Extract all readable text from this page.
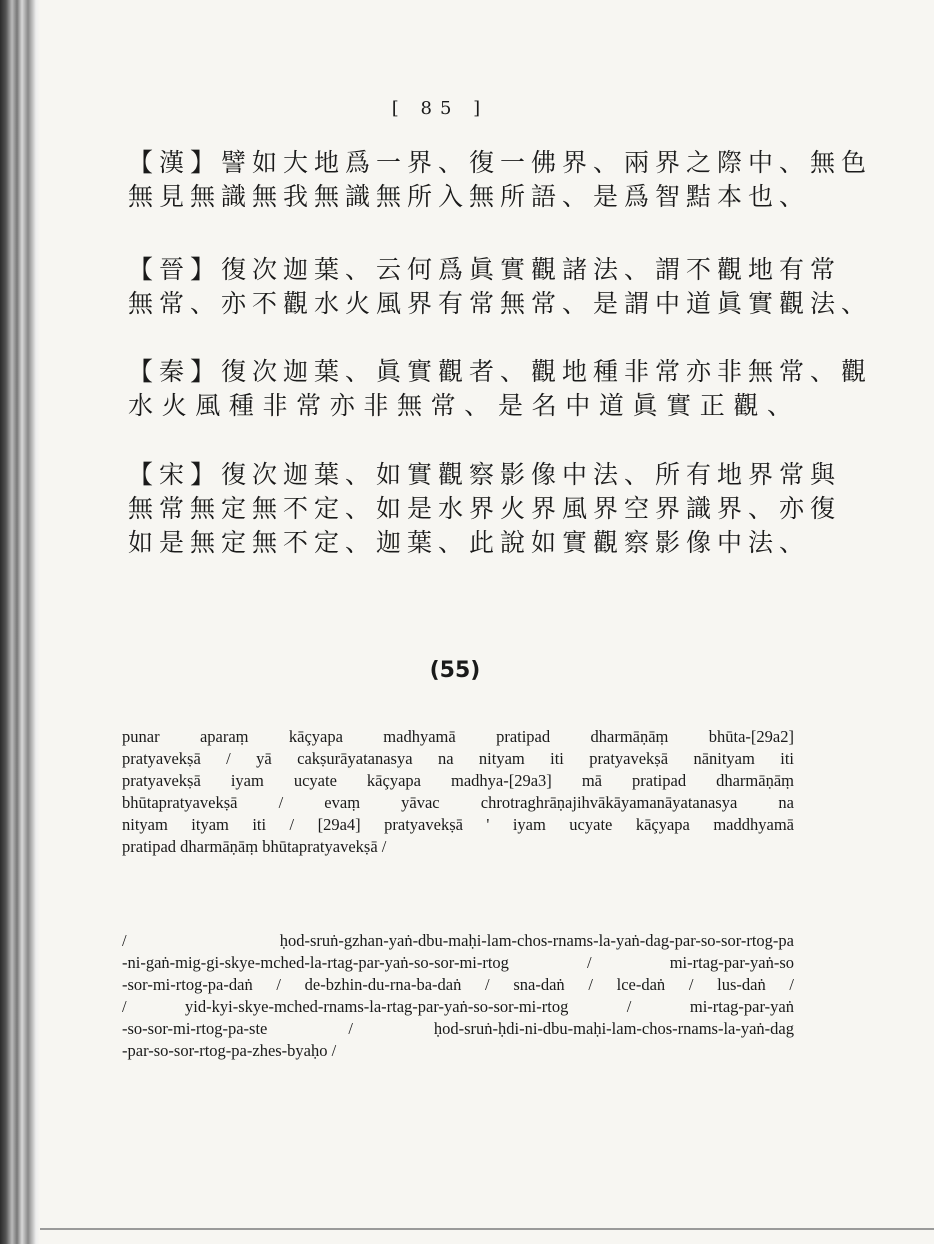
[ 85 ]
【漢】譬如大地爲一界、復一佛界、兩界之際中、無色
無見無識無我無識無所入無所語、是爲智黠本也、
【晉】復次迦葉、云何爲眞實觀諸法、謂不觀地有常
無常、亦不觀水火風界有常無常、是謂中道眞實觀法、
【秦】復次迦葉、眞實觀者、觀地種非常亦非無常、觀
水火風種非常亦非無常、是名中道眞實正觀、
【宋】復次迦葉、如實觀察影像中法、所有地界常與
無常無定無不定、如是水界火界風界空界識界、亦復
如是無定無不定、迦葉、此說如實觀察影像中法、
(55)
punar aparaṃ kāçyapa madhyamā pratipad dharmāṇāṃ bhūta-[29a2]
pratyavekṣā / yā cakṣurāyatanasya na nityam iti pratyavekṣā nānityam iti
pratyavekṣā iyam ucyate kāçyapa madhya-[29a3] mā pratipad dharmāṇāṃ
bhūtapratyavekṣā / evaṃ yāvac chrotraghrāṇajihvākāyamanāyatanasya na
nityam ityam iti / [29a4] pratyavekṣā ' iyam ucyate kāçyapa maddhyamā
pratipad dharmāṇāṃ bhūtapratyavekṣā /
/ ḥod-sruṅ-gzhan-yaṅ-dbu-maḥi-lam-chos-rnams-la-yaṅ-dag-par-so-sor-rtog-pa
-ni-gaṅ-mig-gi-skye-mched-la-rtag-par-yaṅ-so-sor-mi-rtog / mi-rtag-par-yaṅ-so
-sor-mi-rtog-pa-daṅ / de-bzhin-du-rna-ba-daṅ / sna-daṅ / lce-daṅ / lus-daṅ /
/ yid-kyi-skye-mched-rnams-la-rtag-par-yaṅ-so-sor-mi-rtog / mi-rtag-par-yaṅ
-so-sor-mi-rtog-pa-ste / ḥod-sruṅ-ḥdi-ni-dbu-maḥi-lam-chos-rnams-la-yaṅ-dag
-par-so-sor-rtog-pa-zhes-byaḥo /
